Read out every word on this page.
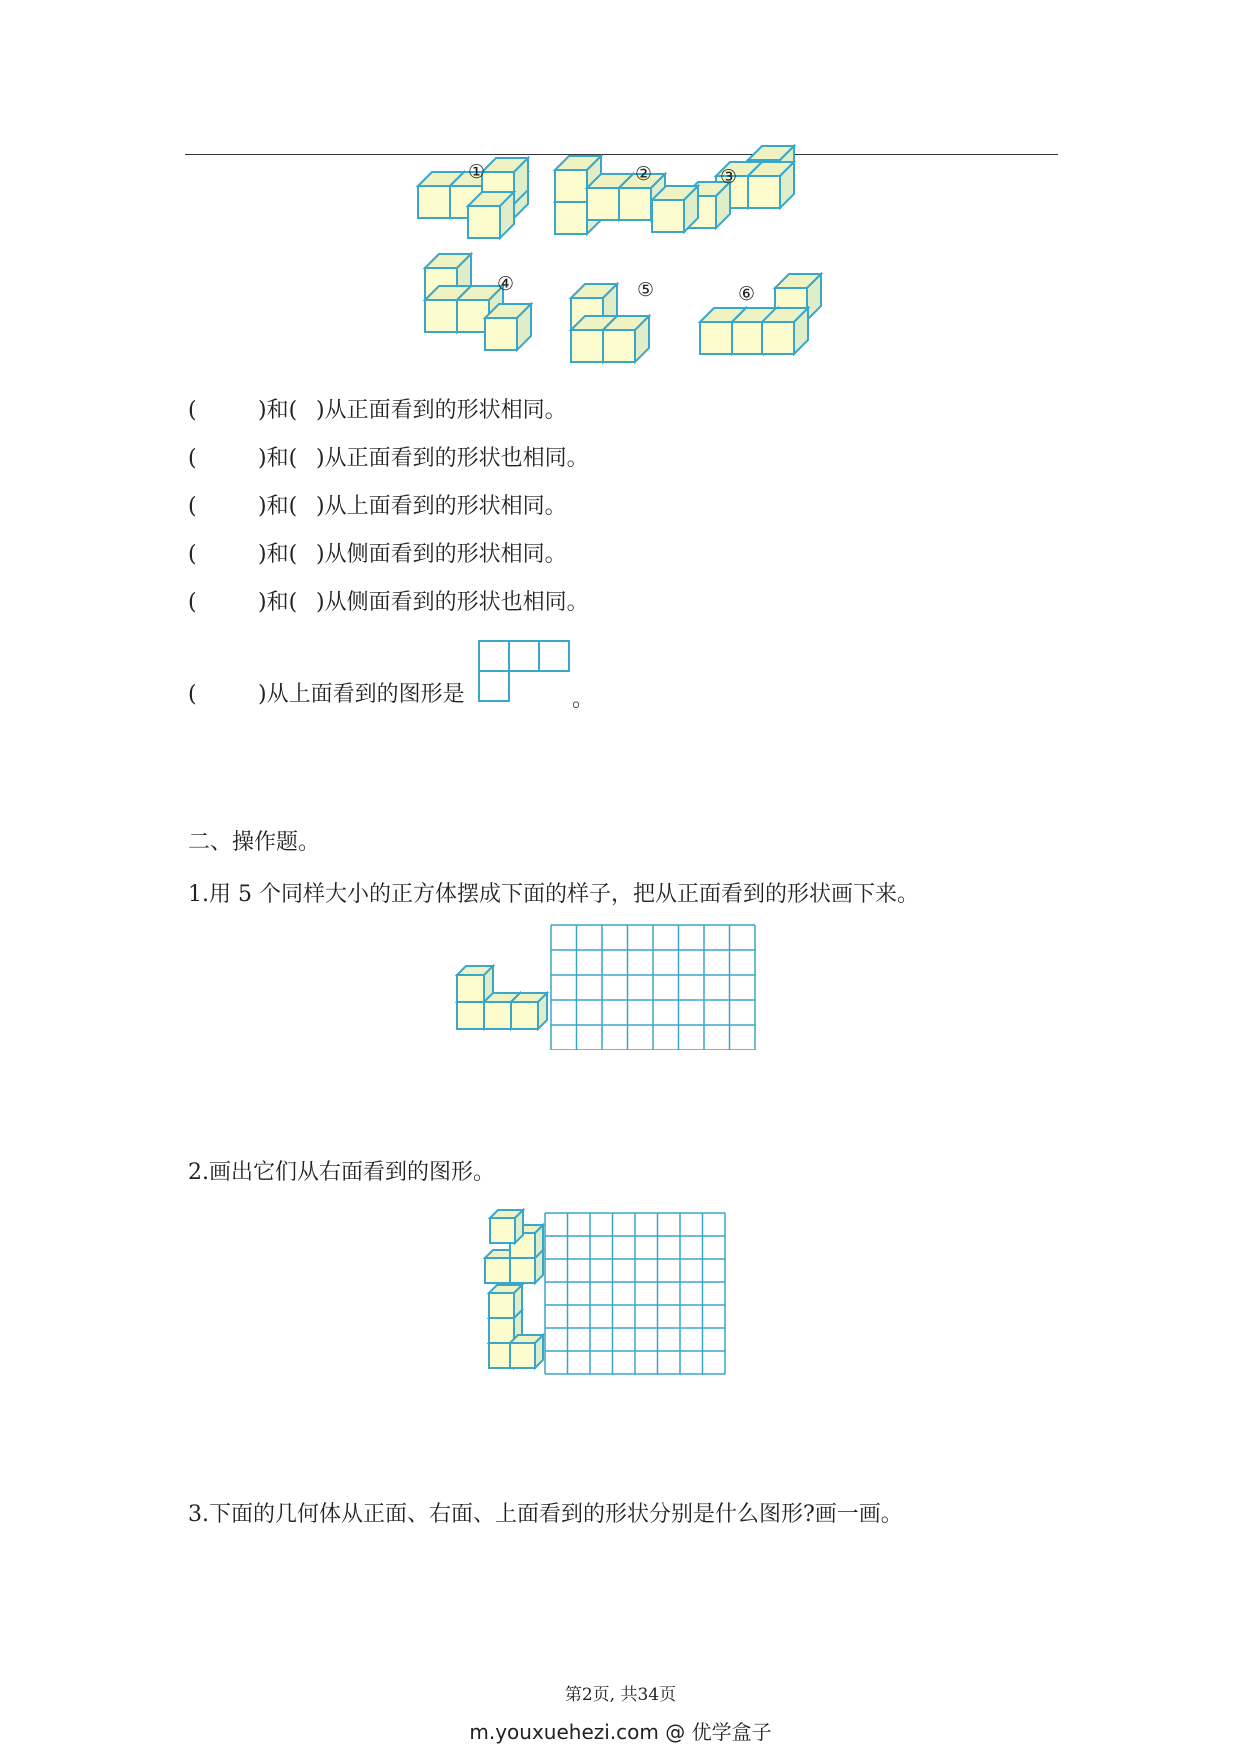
①	②	③
④	⑤	⑥
(	)和( )从正面看到的形状相同。
(	)和( )从正面看到的形状也相同。
(	)和( )从上面看到的形状相同。
(	)和( )从侧面看到的形状相同。
(	)和( )从侧面看到的形状也相同。
(	)从上面看到的图形是	。
二、操作题。
1.用 5 个同样大小的正方体摆成下面的样子，把从正面看到的形状画下来。
2.画出它们从右面看到的图形。
3.下面的几何体从正面、右面、上面看到的形状分别是什么图形?画一画。
第2页, 共34页
m.youxuehezi.com @ 优学盒子
